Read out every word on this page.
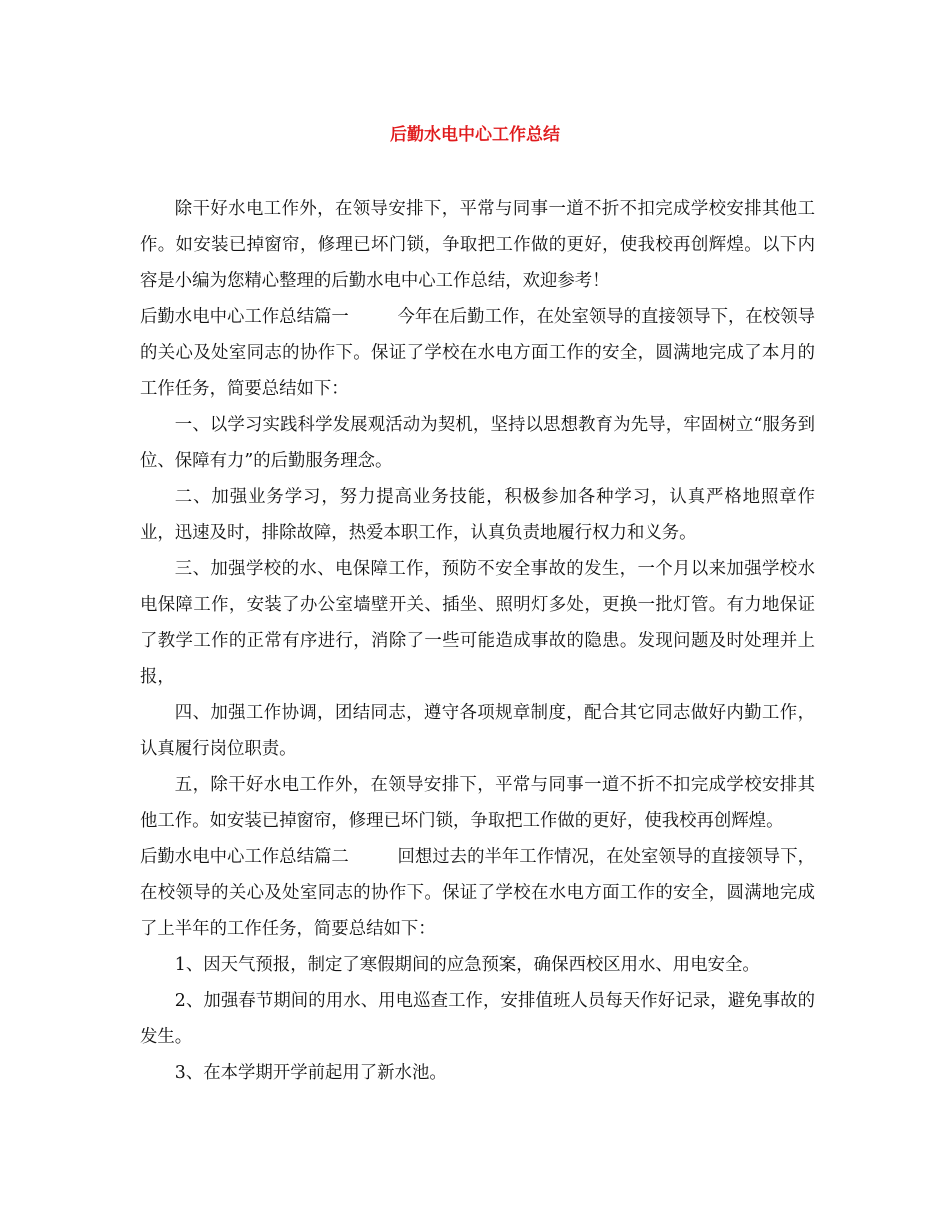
后勤水电中心工作总结

除干好水电工作外，在领导安排下，平常与同事一道不折不扣完成学校安排其他工作。如安装已掉窗帘，修理已坏门锁，争取把工作做的更好，使我校再创辉煌。以下内容是小编为您精心整理的后勤水电中心工作总结，欢迎参考！

后勤水电中心工作总结篇一	今年在后勤工作，在处室领导的直接领导下，在校领导的关心及处室同志的协作下。保证了学校在水电方面工作的安全，圆满地完成了本月的工作任务，简要总结如下：

一、以学习实践科学发展观活动为契机，坚持以思想教育为先导，牢固树立“服务到位、保障有力”的后勤服务理念。

二、加强业务学习，努力提高业务技能，积极参加各种学习，认真严格地照章作业，迅速及时，排除故障，热爱本职工作，认真负责地履行权力和义务。

三、加强学校的水、电保障工作，预防不安全事故的发生，一个月以来加强学校水电保障工作，安装了办公室墙壁开关、插坐、照明灯多处，更换一批灯管。有力地保证了教学工作的正常有序进行，消除了一些可能造成事故的隐患。发现问题及时处理并上报，

四、加强工作协调，团结同志，遵守各项规章制度，配合其它同志做好内勤工作，认真履行岗位职责。

五，除干好水电工作外，在领导安排下，平常与同事一道不折不扣完成学校安排其他工作。如安装已掉窗帘，修理已坏门锁，争取把工作做的更好，使我校再创辉煌。

后勤水电中心工作总结篇二	回想过去的半年工作情况，在处室领导的直接领导下，在校领导的关心及处室同志的协作下。保证了学校在水电方面工作的安全，圆满地完成了上半年的工作任务，简要总结如下：

1、因天气预报，制定了寒假期间的应急预案，确保西校区用水、用电安全。

2、加强春节期间的用水、用电巡查工作，安排值班人员每天作好记录，避免事故的发生。

3、在本学期开学前起用了新水池。
